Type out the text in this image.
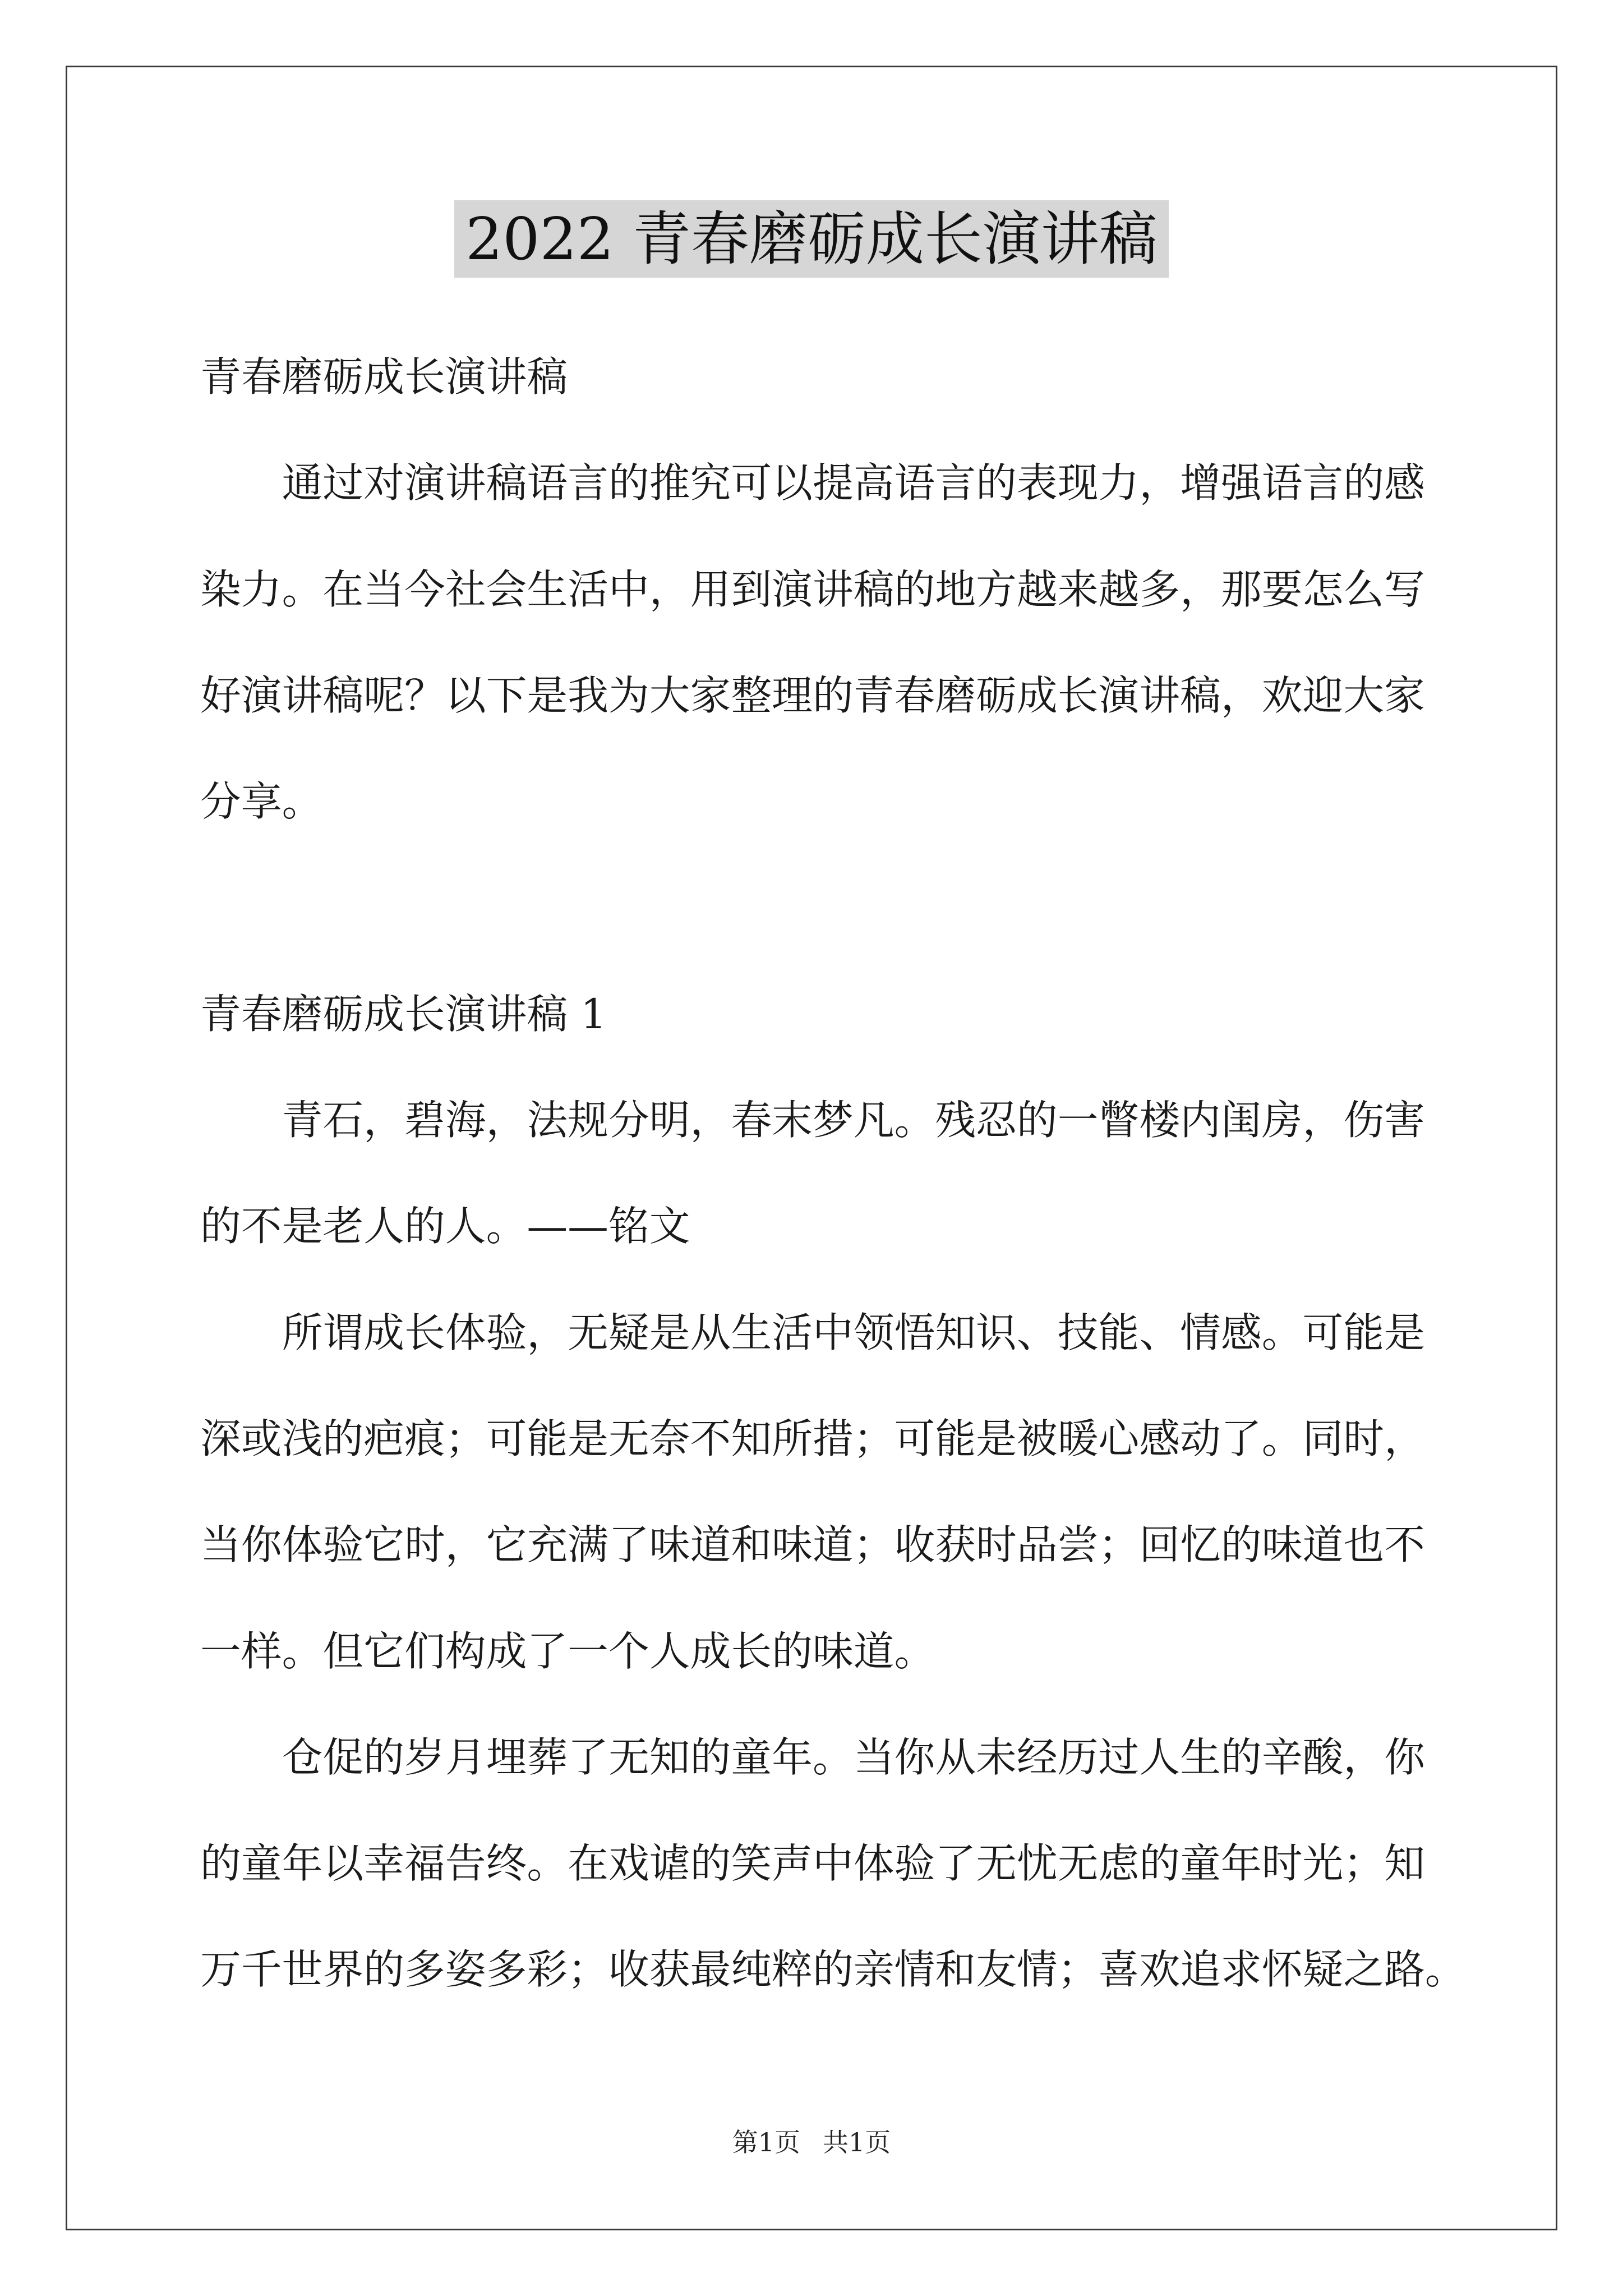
2022 青春磨砺成长演讲稿
青春磨砺成长演讲稿
通过对演讲稿语言的推究可以提高语言的表现力，增强语言的感
染力。在当今社会生活中，用到演讲稿的地方越来越多，那要怎么写
好演讲稿呢？以下是我为大家整理的青春磨砺成长演讲稿，欢迎大家
分享。
青春磨砺成长演讲稿 1
青石，碧海，法规分明，春末梦凡。残忍的一瞥楼内闺房，伤害
的不是老人的人。——铭文
所谓成长体验，无疑是从生活中领悟知识、技能、情感。可能是
深或浅的疤痕；可能是无奈不知所措；可能是被暖心感动了。同时，
当你体验它时，它充满了味道和味道；收获时品尝；回忆的味道也不
一样。但它们构成了一个人成长的味道。
仓促的岁月埋葬了无知的童年。当你从未经历过人生的辛酸，你
的童年以幸福告终。在戏谑的笑声中体验了无忧无虑的童年时光；知
万千世界的多姿多彩；收获最纯粹的亲情和友情；喜欢追求怀疑之路。
第1页 共1页
